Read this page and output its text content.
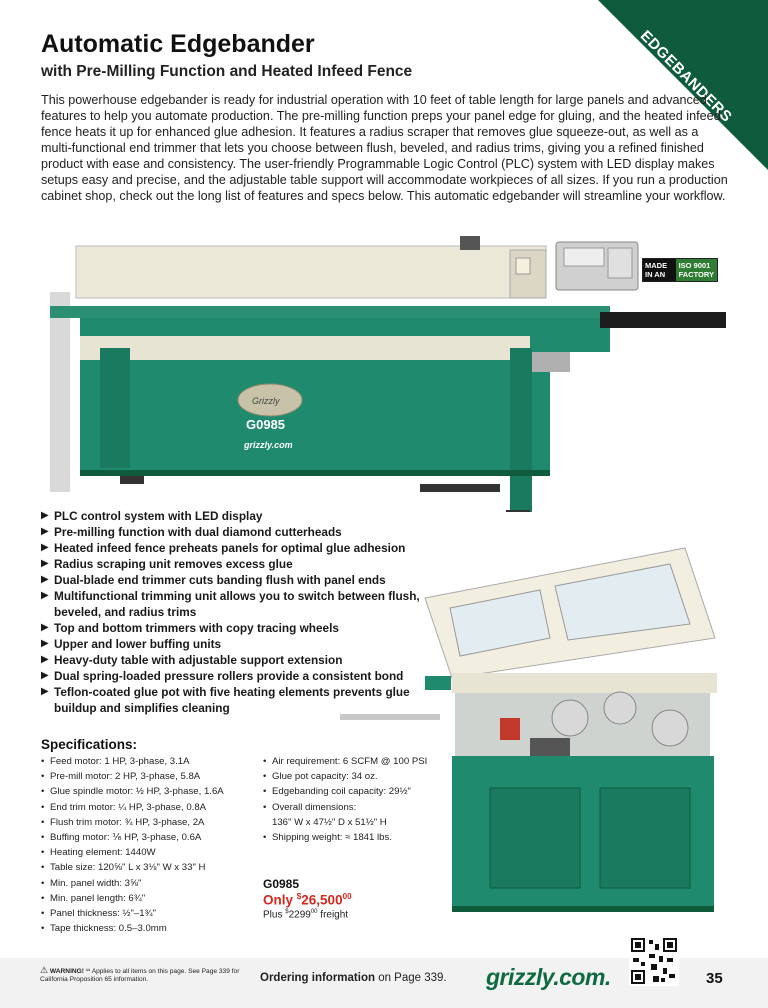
EDGEBANDERS
Automatic Edgebander
with Pre-Milling Function and Heated Infeed Fence

This powerhouse edgebander is ready for industrial operation with 10 feet of table length for large panels and advanced features to help you automate production. The pre-milling function preps your panel edge for gluing, and the heated infeed fence heats it up for enhanced glue adhesion. It features a radius scraper that removes glue squeeze-out, as well as a multi-functional end trimmer that lets you choose between flush, beveled, and radius trims, giving you a refined finished product with ease and consistency. The user-friendly Programmable Logic Control (PLC) system with LED display makes setups easy and precise, and the adjustable table support will accommodate workpieces of all sizes. If you run a production cabinet shop, check out the long list of features and specs below. This automatic edgebander will streamline your workflow.

Grizzly
G0985
grizzly.com
MADE IN AN
ISO 9001 FACTORY
▶ PLC control system with LED display
▶ Pre-milling function with dual diamond cutterheads
▶ Heated infeed fence preheats panels for optimal glue adhesion
▶ Radius scraping unit removes excess glue
▶ Dual-blade end trimmer cuts banding flush with panel ends
▶ Multifunctional trimming unit allows you to switch between flush, beveled, and radius trims
▶ Top and bottom trimmers with copy tracing wheels
▶ Upper and lower buffing units
▶ Heavy-duty table with adjustable support extension
▶ Dual spring-loaded pressure rollers provide a consistent bond
▶ Teflon-coated glue pot with five heating elements prevents glue buildup and simplifies cleaning
Specifications:
• Feed motor: 1 HP, 3-phase, 3.1A
• Pre-mill motor: 2 HP, 3-phase, 5.8A
• Glue spindle motor: ½ HP, 3-phase, 1.6A
• End trim motor: ¼ HP, 3-phase, 0.8A
• Flush trim motor: ¾ HP, 3-phase, 2A
• Buffing motor: ⅙ HP, 3-phase, 0.6A
• Heating element: 1440W
• Table size: 120⅝" L x 3⅛" W x 33" H
• Min. panel width: 3⅝"
• Min. panel length: 6¾"
• Panel thickness: ½"–1¾"
• Tape thickness: 0.5–3.0mm
• Air requirement: 6 SCFM @ 100 PSI
• Glue pot capacity: 34 oz.
• Edgebanding coil capacity: 29½"
• Overall dimensions:
136" W x 47½" D x 51½" H
• Shipping weight: ≈ 1841 lbs.
G0985
Only $26,500$^{00}$
Plus $2299$^{00}$ freight
⚠ WARNING! ¹¹ Applies to all items on this page. See Page 339 for California Proposition 65 information.	Ordering information on Page 339. grizzly.com.	35
